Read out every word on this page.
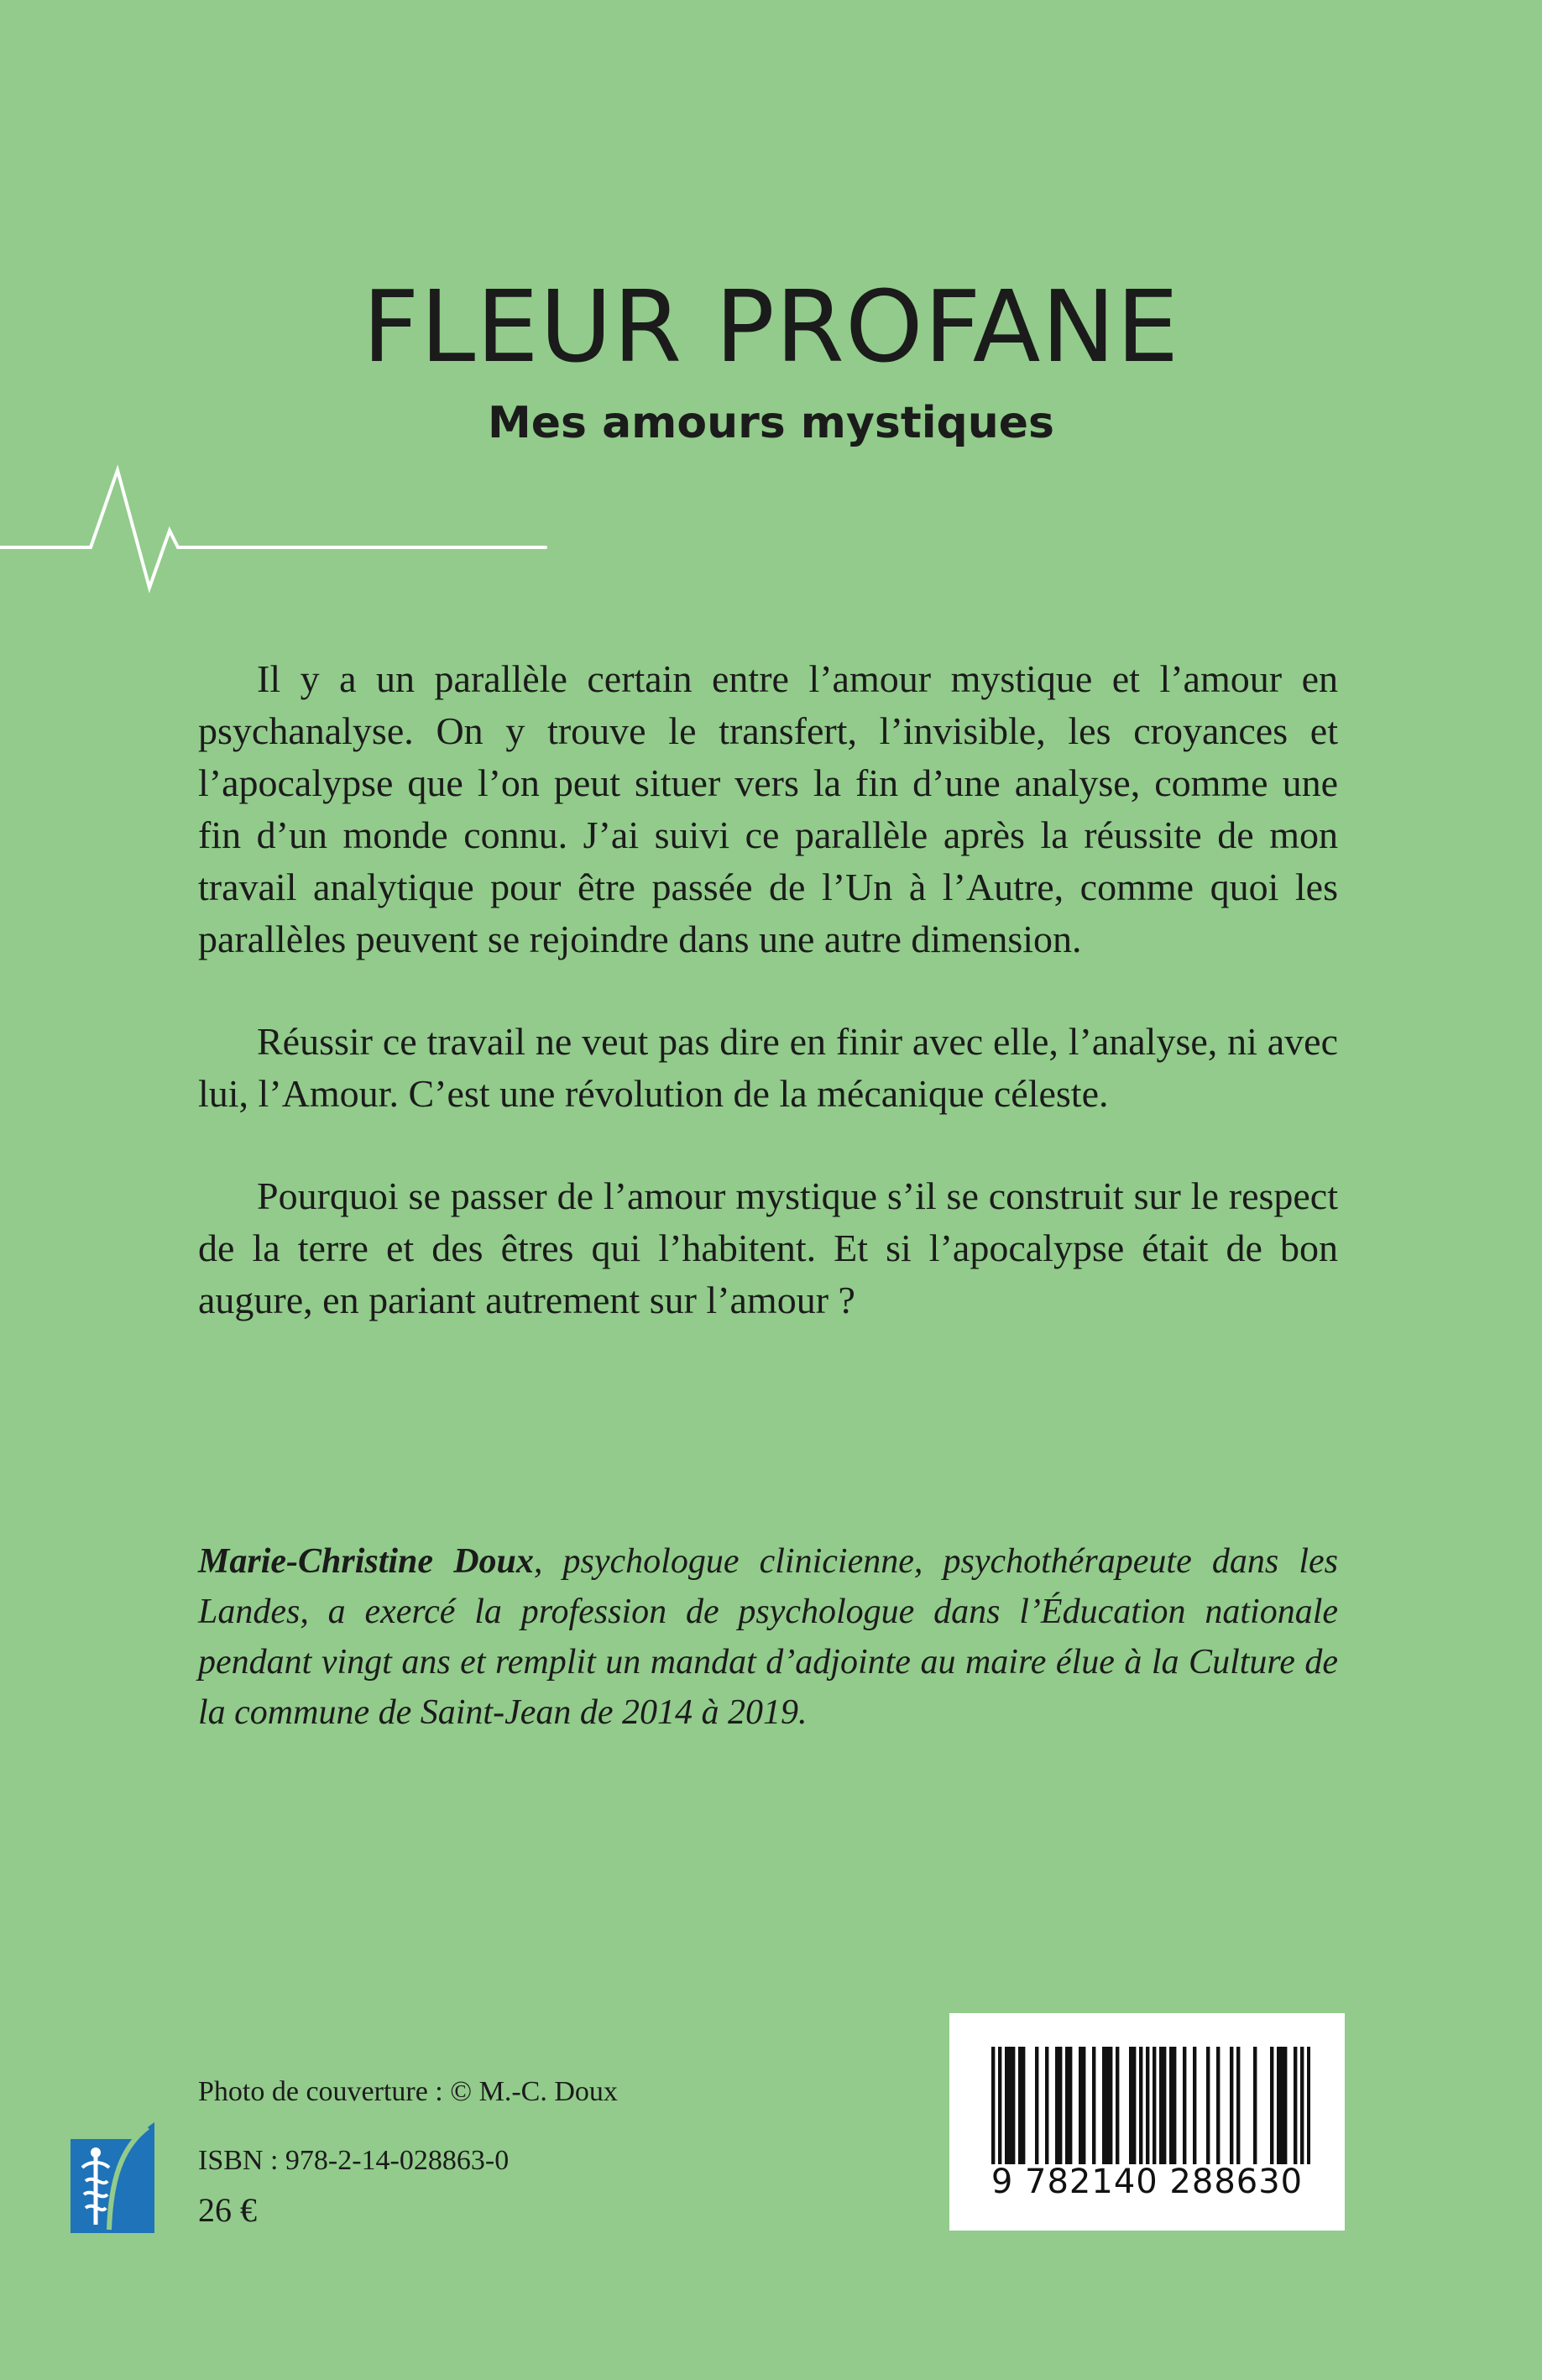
FLEUR PROFANE
Mes amours mystiques

Il y a un parallèle certain entre l’amour mystique et l’amour en psychanalyse. On y trouve le transfert, l’invisible, les croyances et l’apocalypse que l’on peut situer vers la fin d’une analyse, comme une fin d’un monde connu. J’ai suivi ce parallèle après la réussite de mon travail analytique pour être passée de l’Un à l’Autre, comme quoi les parallèles peuvent se rejoindre dans une autre dimension.

Réussir ce travail ne veut pas dire en finir avec elle, l’analyse, ni avec lui, l’Amour. C’est une révolution de la mécanique céleste.

Pourquoi se passer de l’amour mystique s’il se construit sur le respect de la terre et des êtres qui l’habitent. Et si l’apocalypse était de bon augure, en pariant autrement sur l’amour ?

Marie-Christine Doux, psychologue clinicienne, psychothérapeute dans les Landes, a exercé la profession de psychologue dans l’Éducation nationale pendant vingt ans et remplit un mandat d’adjointe au maire élue à la Culture de la commune de Saint-Jean de 2014 à 2019.

Photo de couverture : © M.-C. Doux
ISBN : 978-2-14-028863-0
26 €
9 782140 288630
